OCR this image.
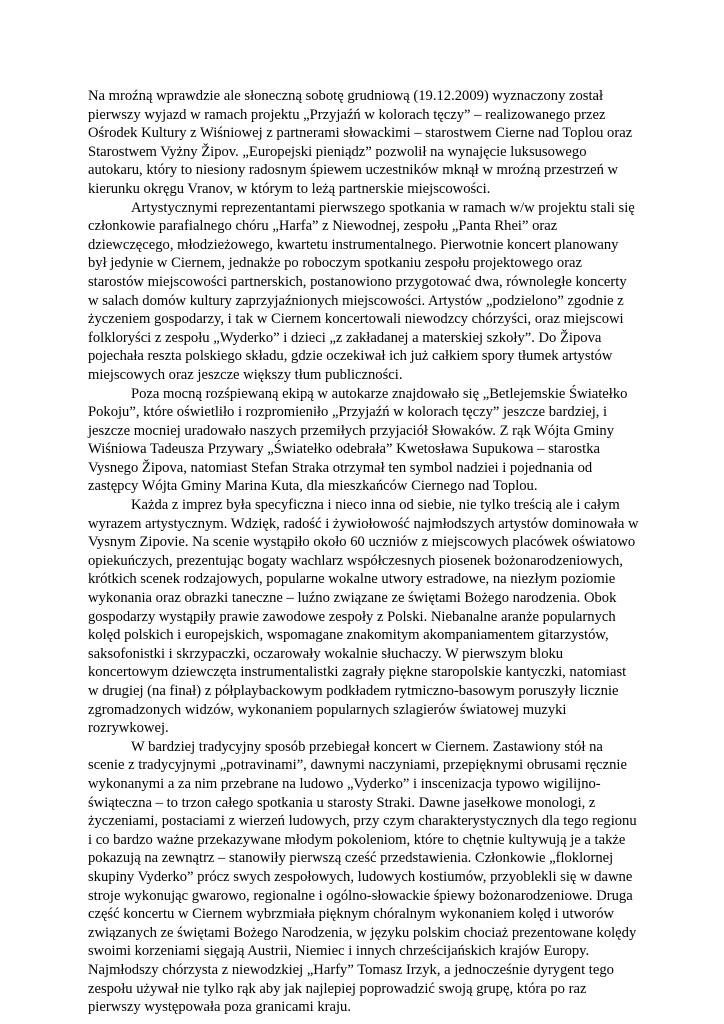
Na mroźną wprawdzie ale słoneczną sobotę grudniową (19.12.2009) wyznaczony został pierwszy wyjazd w ramach projektu „Przyjaźń w kolorach tęczy” – realizowanego przez Ośrodek Kultury z Wiśniowej z partnerami słowackimi – starostwem Cierne nad Toplou oraz Starostwem Vyżny Žipov. „Europejski pieniądz” pozwolił na wynajęcie luksusowego autokaru, który to niesiony radosnym śpiewem uczestników mknął w mroźną przestrzeń w kierunku okręgu Vranov, w którym to leżą partnerskie miejscowości.

Artystycznymi reprezentantami pierwszego spotkania w ramach w/w projektu stali się członkowie parafialnego chóru „Harfa” z Niewodnej, zespołu „Panta Rhei” oraz dziewczęcego, młodzieżowego, kwartetu instrumentalnego. Pierwotnie koncert planowany był jedynie w Ciernem, jednakże po roboczym spotkaniu zespołu projektowego oraz starostów miejscowości partnerskich, postanowiono przygotować dwa, równoległe koncerty w salach domów kultury zaprzyjaźnionych miejscowości. Artystów „podzielono” zgodnie z życzeniem gospodarzy, i tak w Ciernem koncertowali niewodzcy chórzyści, oraz miejscowi folkloryści z zespołu „Wyderko” i dzieci „z zakładanej a materskiej szkoły”. Do Žipova pojechała reszta polskiego składu, gdzie oczekiwał ich już całkiem spory tłumek artystów miejscowych oraz jeszcze większy tłum publiczności.

Poza mocną rozśpiewaną ekipą w autokarze znajdowało się „Betlejemskie Światełko Pokoju”, które oświetliło i rozpromieniło „Przyjaźń w kolorach tęczy” jeszcze bardziej, i jeszcze mocniej uradowało naszych przemiłych przyjaciół Słowaków. Z rąk Wójta Gminy Wiśniowa Tadeusza Przywary „Światełko odebrała” Kwetosława Supukowa – starostka Vysnego Žipova, natomiast Stefan Straka otrzymał ten symbol nadziei i pojednania od zastępcy Wójta Gminy Marina Kuta, dla mieszkańców Ciernego nad Toplou.

Każda z imprez była specyficzna i nieco inna od siebie, nie tylko treścią ale i całym wyrazem artystycznym. Wdzięk, radość i żywiołowość najmłodszych artystów dominowała w Vysnym Zipovie. Na scenie wystąpiło około 60 uczniów z miejscowych placówek oświatowo opiekuńczych, prezentując bogaty wachlarz współczesnych piosenek bożonarodzeniowych, krótkich scenek rodzajowych, popularne wokalne utwory estradowe, na niezłym poziomie wykonania oraz obrazki taneczne – luźno związane ze świętami Bożego narodzenia. Obok gospodarzy wystąpiły prawie zawodowe zespoły z Polski. Niebanalne aranże popularnych kolęd polskich i europejskich, wspomagane znakomitym akompaniamentem gitarzystów, saksofonistki i skrzypaczki, oczarowały wokalnie słuchaczy. W pierwszym bloku koncertowym dziewczęta instrumentalistki zagrały piękne staropolskie kantyczki, natomiast w drugiej (na finał) z półplaybackowym podkładem rytmiczno-basowym poruszyły licznie zgromadzonych widzów, wykonaniem popularnych szlagierów światowej muzyki rozrywkowej.

W bardziej tradycyjny sposób przebiegał koncert w Ciernem. Zastawiony stół na scenie z tradycyjnymi „potravinami”, dawnymi naczyniami, przepięknymi obrusami ręcznie wykonanymi a za nim przebrane na ludowo „Vyderko” i inscenizacja typowo wigilijno-świąteczna – to trzon całego spotkania u starosty Straki. Dawne jasełkowe monologi, z życzeniami, postaciami z wierzeń ludowych, przy czym charakterystycznych dla tego regionu i co bardzo ważne przekazywane młodym pokoleniom, które to chętnie kultywują je a także pokazują na zewnątrz – stanowiły pierwszą cześć przedstawienia. Członkowie „floklornej skupiny Vyderko” prócz swych zespołowych, ludowych kostiumów, przyoblekli się w dawne stroje wykonując gwarowo, regionalne i ogólno-słowackie śpiewy bożonarodzeniowe. Druga część koncertu w Ciernem wybrzmiała pięknym chóralnym wykonaniem kolęd i utworów związanych ze świętami Bożego Narodzenia, w języku polskim chociaż prezentowane kolędy swoimi korzeniami sięgają Austrii, Niemiec i innych chrześcijańskich krajów Europy. Najmłodszy chórzysta z niewodzkiej „Harfy” Tomasz Irzyk, a jednocześnie dyrygent tego zespołu używał nie tylko rąk aby jak najlepiej poprowadzić swoją grupę, która po raz pierwszy występowała poza granicami kraju.
